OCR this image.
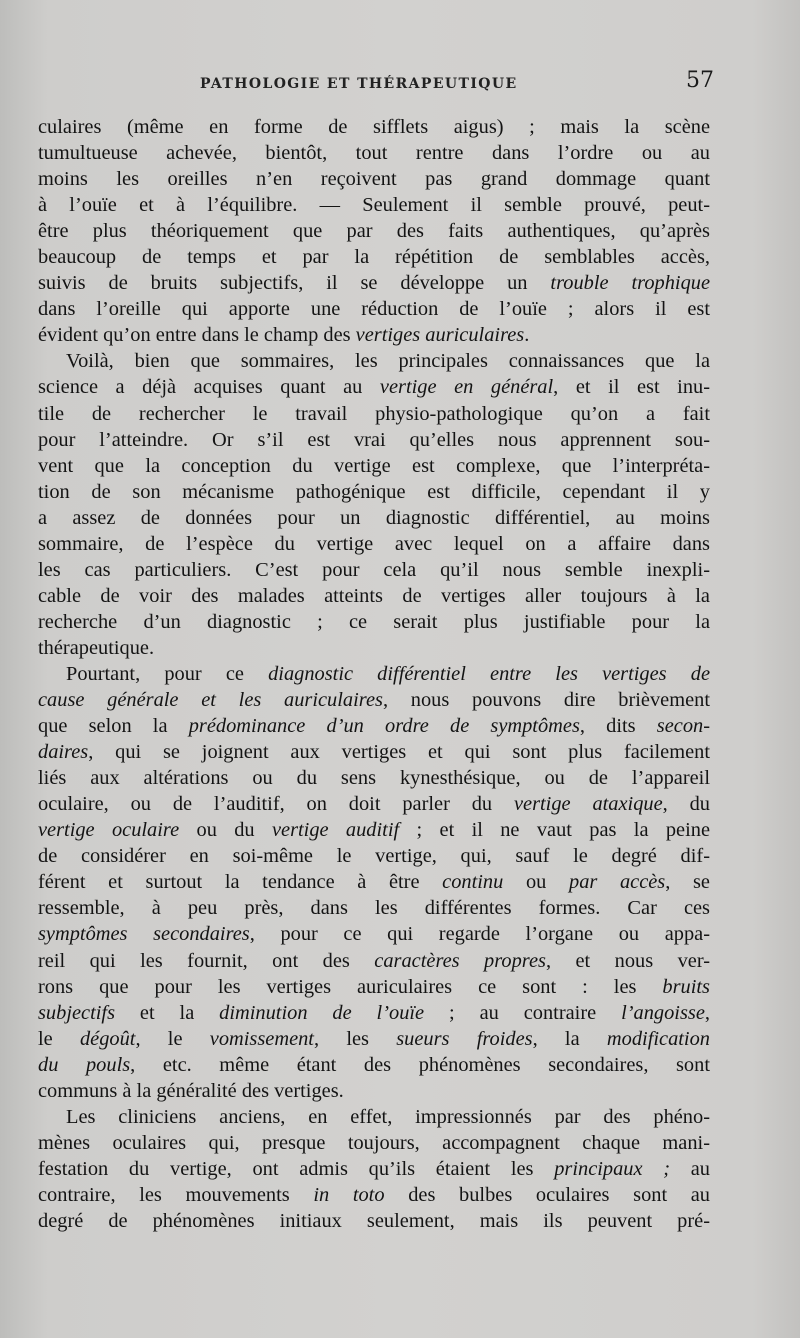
PATHOLOGIE ET THÉRAPEUTIQUE	57
culaires (même en forme de sifflets aigus) ; mais la scène
tumultueuse achevée, bientôt, tout rentre dans l’ordre ou au
moins les oreilles n’en reçoivent pas grand dommage quant
à l’ouïe et à l’équilibre. — Seulement il semble prouvé, peut-
être plus théoriquement que par des faits authentiques, qu’après
beaucoup de temps et par la répétition de semblables accès,
suivis de bruits subjectifs, il se développe un trouble trophique
dans l’oreille qui apporte une réduction de l’ouïe ; alors il est
évident qu’on entre dans le champ des vertiges auriculaires.
Voilà, bien que sommaires, les principales connaissances que la
science a déjà acquises quant au vertige en général, et il est inu-
tile de rechercher le travail physio-pathologique qu’on a fait
pour l’atteindre. Or s’il est vrai qu’elles nous apprennent sou-
vent que la conception du vertige est complexe, que l’interpréta-
tion de son mécanisme pathogénique est difficile, cependant il y
a assez de données pour un diagnostic différentiel, au moins
sommaire, de l’espèce du vertige avec lequel on a affaire dans
les cas particuliers. C’est pour cela qu’il nous semble inexpli-
cable de voir des malades atteints de vertiges aller toujours à la
recherche d’un diagnostic ; ce serait plus justifiable pour la
thérapeutique.
Pourtant, pour ce diagnostic différentiel entre les vertiges de
cause générale et les auriculaires, nous pouvons dire brièvement
que selon la prédominance d’un ordre de symptômes, dits secon-
daires, qui se joignent aux vertiges et qui sont plus facilement
liés aux altérations ou du sens kynesthésique, ou de l’appareil
oculaire, ou de l’auditif, on doit parler du vertige ataxique, du
vertige oculaire ou du vertige auditif ; et il ne vaut pas la peine
de considérer en soi-même le vertige, qui, sauf le degré dif-
férent et surtout la tendance à être continu ou par accès, se
ressemble, à peu près, dans les différentes formes. Car ces
symptômes secondaires, pour ce qui regarde l’organe ou appa-
reil qui les fournit, ont des caractères propres, et nous ver-
rons que pour les vertiges auriculaires ce sont : les bruits
subjectifs et la diminution de l’ouïe ; au contraire l’angoisse,
le dégoût, le vomissement, les sueurs froides, la modification
du pouls, etc. même étant des phénomènes secondaires, sont
communs à la généralité des vertiges.
Les cliniciens anciens, en effet, impressionnés par des phéno-
mènes oculaires qui, presque toujours, accompagnent chaque mani-
festation du vertige, ont admis qu’ils étaient les principaux ; au
contraire, les mouvements in toto des bulbes oculaires sont au
degré de phénomènes initiaux seulement, mais ils peuvent pré-
